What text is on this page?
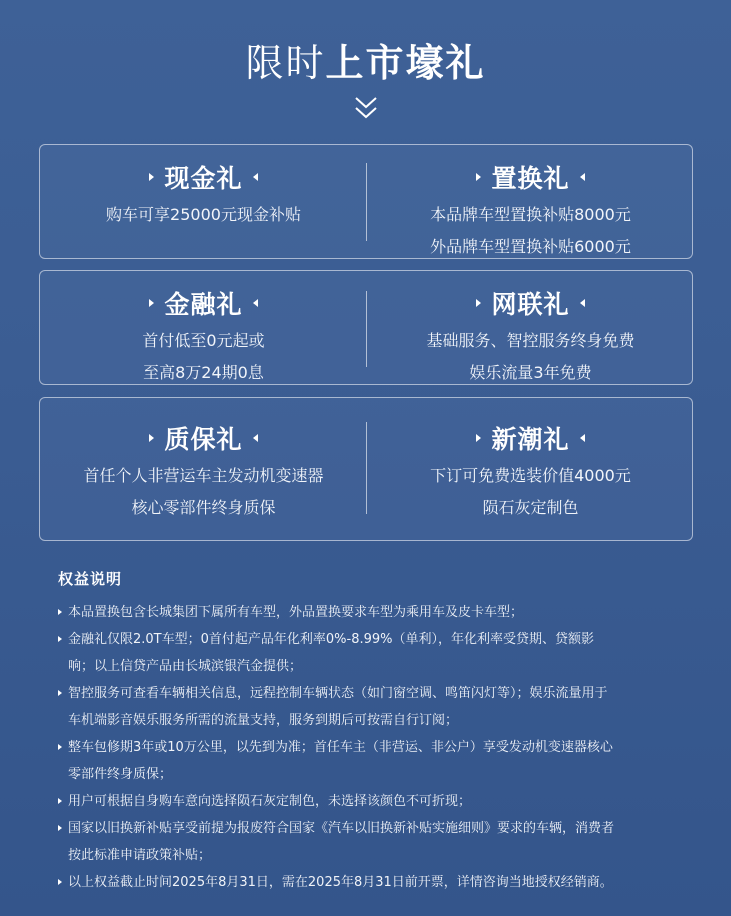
限时上市壕礼
现金礼

购车可享25000元现金补贴

置换礼

本品牌车型置换补贴8000元

外品牌车型置换补贴6000元

金融礼

首付低至0元起或

至高8万24期0息

网联礼

基础服务、智控服务终身免费

娱乐流量3年免费

质保礼

首任个人非营运车主发动机变速器

核心零部件终身质保

新潮礼

下订可免费选装价值4000元

陨石灰定制色

权益说明
本品置换包含长城集团下属所有车型，外品置换要求车型为乘用车及皮卡车型；
金融礼仅限2.0T车型；0首付起产品年化利率0%-8.99%（单利），年化利率受贷期、贷额影
响；以上信贷产品由长城滨银汽金提供；
智控服务可查看车辆相关信息，远程控制车辆状态（如门窗空调、鸣笛闪灯等）；娱乐流量用于
车机端影音娱乐服务所需的流量支持，服务到期后可按需自行订阅；
整车包修期3年或10万公里，以先到为准；首任车主（非营运、非公户）享受发动机变速器核心
零部件终身质保；
用户可根据自身购车意向选择陨石灰定制色，未选择该颜色不可折现；
国家以旧换新补贴享受前提为报废符合国家《汽车以旧换新补贴实施细则》要求的车辆，消费者
按此标准申请政策补贴；
以上权益截止时间2025年8月31日，需在2025年8月31日前开票，详情咨询当地授权经销商。
